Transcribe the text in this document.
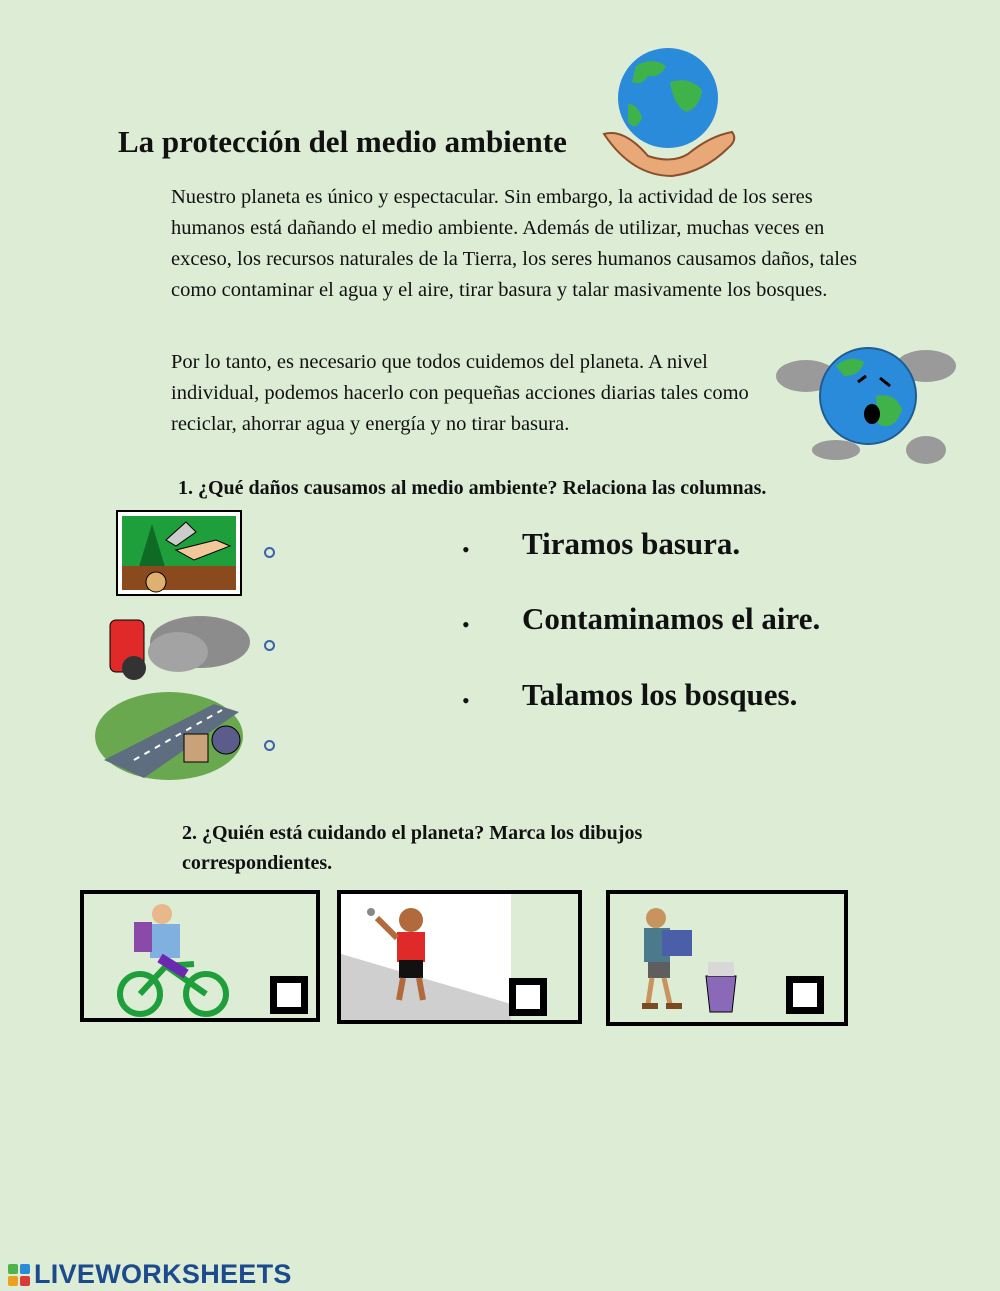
La protección del medio ambiente

Nuestro planeta es único y espectacular. Sin embargo, la actividad de los seres humanos está dañando el medio ambiente. Además de utilizar, muchas veces en exceso, los recursos naturales de la Tierra, los seres humanos causamos daños, tales como contaminar el agua y el aire, tirar basura y talar masivamente los bosques.

Por lo tanto, es necesario que todos cuidemos del planeta. A nivel individual, podemos hacerlo con pequeñas acciones diarias tales como reciclar, ahorrar agua y energía y no tirar basura.

1. ¿Qué daños causamos al medio ambiente? Relaciona las columnas.
• Tiramos basura.
• Contaminamos el aire.
• Talamos los bosques.
2. ¿Quién está cuidando el planeta? Marca los dibujos correspondientes.
LIVEWORKSHEETS
